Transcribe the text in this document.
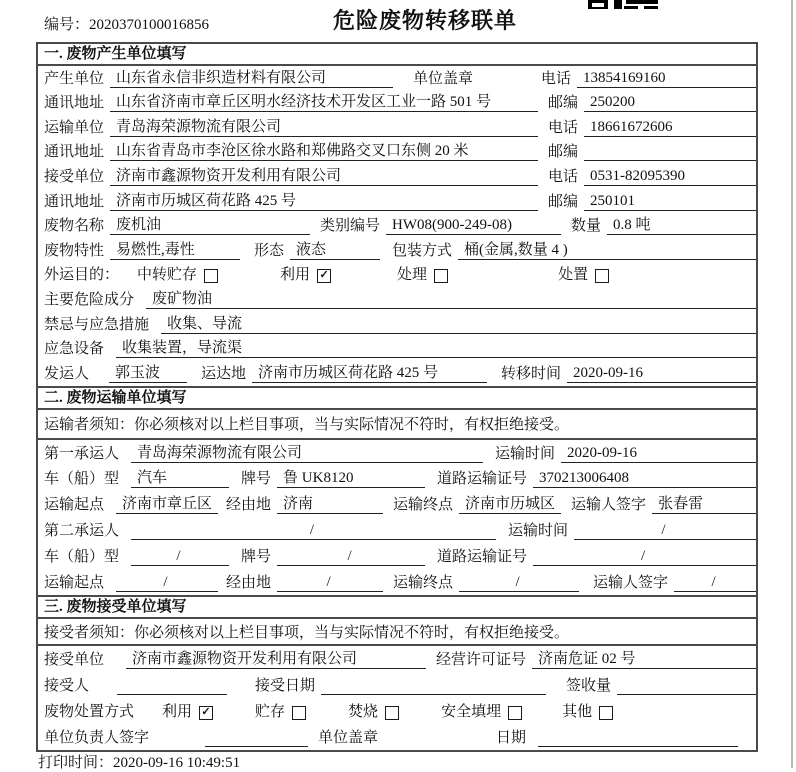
编号：2020370100016856	危险废物转移联单
一. 废物产生单位填写
产生单位 山东省永信非织造材料有限公司	单位盖章	电话 13854169160
通讯地址 山东省济南市章丘区明水经济技术开发区工业一路 501 号	邮编 250200
运输单位 青岛海荣源物流有限公司	电话 18661672606
通讯地址 山东省青岛市李沧区徐水路和郑佛路交叉口东侧 20 米	邮编
接受单位 济南市鑫源物资开发利用有限公司	电话 0531-82095390
通讯地址 济南市历城区荷花路 425 号	邮编 250101
废物名称 废机油	类别编号 HW08(900-249-08)	数量 0.8 吨
废物特性 易燃性,毒性	形态 液态	包装方式 桶(金属,数量 4 )
外运目的： 中转贮存	利用 ✓	处理	处置
主要危险成分	废矿物油
禁忌与应急措施	收集、导流
应急设备	收集装置，导流渠
发运人	郭玉波	运达地 济南市历城区荷花路 425 号	转移时间 2020-09-16
二. 废物运输单位填写
运输者须知：你必须核对以上栏目事项，当与实际情况不符时，有权拒绝接受。
第一承运人	青岛海荣源物流有限公司	运输时间 2020-09-16
车（船）型	汽车	牌号 鲁 UK8120	道路运输证号 370213006408
运输起点	济南市章丘区 经由地 济南	运输终点 济南市历城区	运输人签字 张春雷
第二承运人	/	运输时间	/
车（船）型	/	牌号	/	道路运输证号	/
运输起点	/	经由地	/	运输终点	/	运输人签字	/
三. 废物接受单位填写
接受者须知：你必须核对以上栏目事项，当与实际情况不符时，有权拒绝接受。
接受单位	济南市鑫源物资开发利用有限公司	经营许可证号 济南危证 02 号
接受人	接受日期	签收量
废物处置方式 利用 ✓	贮存	焚烧	安全填埋	其他
单位负责人签字	单位盖章	日期
打印时间：2020-09-16 10:49:51
